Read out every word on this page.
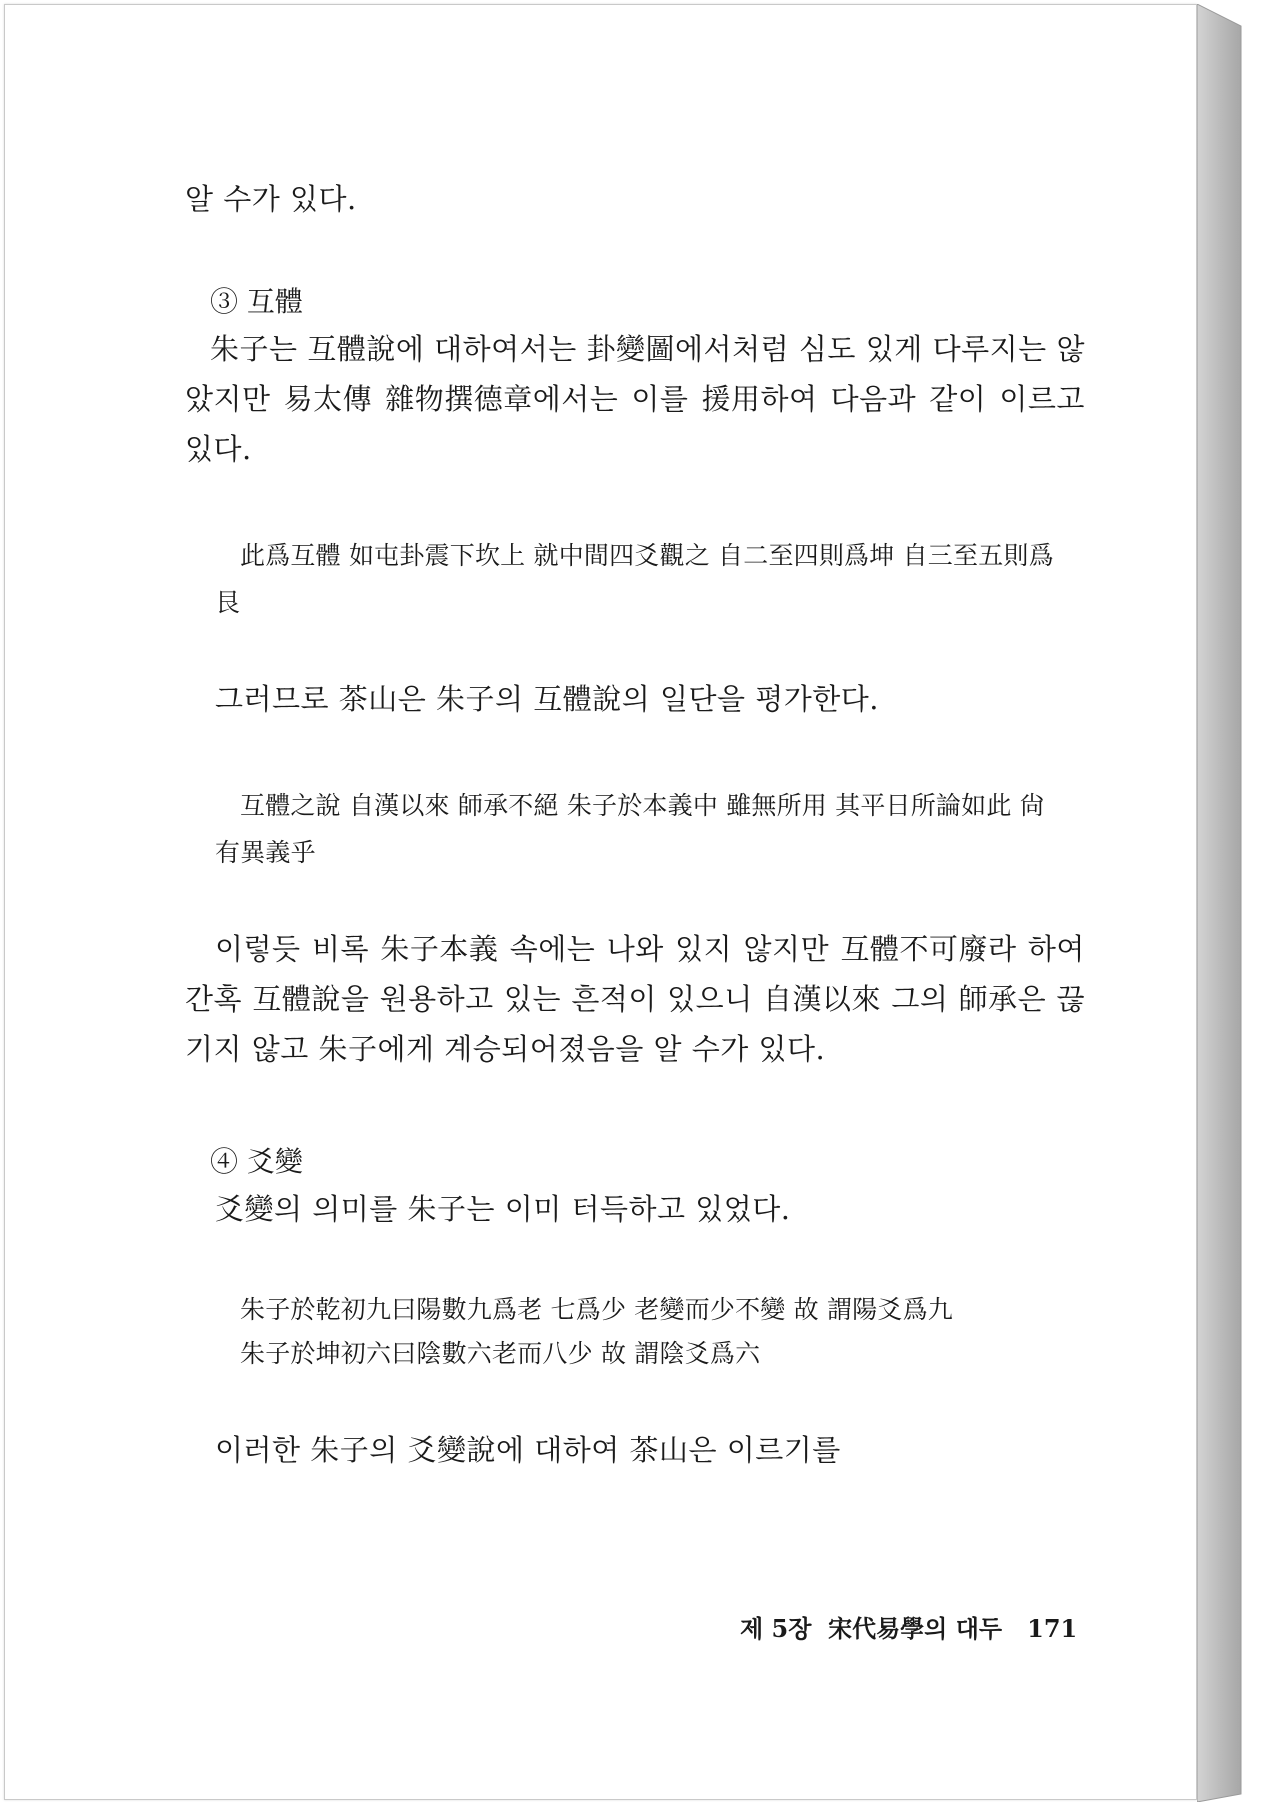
알 수가 있다.
③ 互體
朱子는 互體說에 대하여서는 卦變圖에서처럼 심도 있게 다루지는 않
았지만 易太傳 雜物撰德章에서는 이를 援用하여 다음과 같이 이르고
있다.
此爲互體 如屯卦震下坎上 就中間四爻觀之 自二至四則爲坤 自三至五則爲
艮
그러므로 茶山은 朱子의 互體說의 일단을 평가한다.
互體之說 自漢以來 師承不絕 朱子於本義中 雖無所用 其平日所論如此 尙
有異義乎
이렇듯 비록 朱子本義 속에는 나와 있지 않지만 互體不可廢라 하여
간혹 互體說을 원용하고 있는 흔적이 있으니 自漢以來 그의 師承은 끊
기지 않고 朱子에게 계승되어졌음을 알 수가 있다.
④ 爻變
爻變의 의미를 朱子는 이미 터득하고 있었다.
朱子於乾初九曰陽數九爲老 七爲少 老變而少不變 故 謂陽爻爲九
朱子於坤初六曰陰數六老而八少 故 謂陰爻爲六
이러한 朱子의 爻變說에 대하여 茶山은 이르기를
제 5장 宋代易學의 대두 171
